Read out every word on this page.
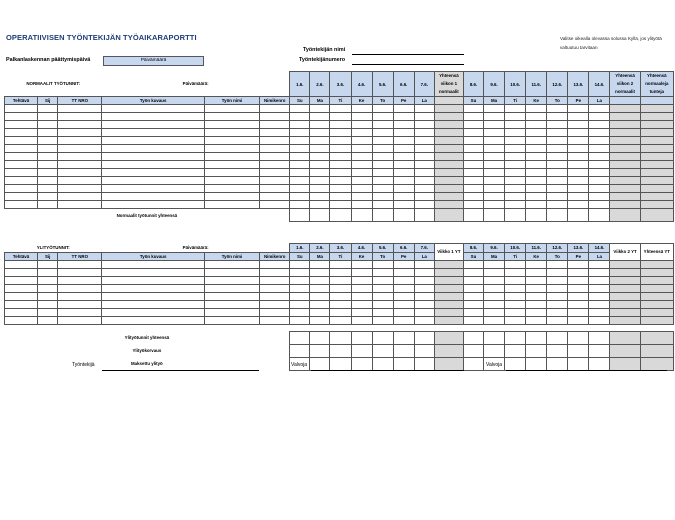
OPERATIIVISEN TYÖNTEKIJÄN TYÖAIKARAPORTTI	Valitse oikealla olevassa solussa Kyllä, jos ylityötä valtuutuu tarvitaan
Työntekijän nimi
Työntekijänumero
Palkanlaskennan päättymispäivä	Päivämäärä
NORMAALIT TYÖTUNNIT:			Päivämäärä:			1.6.	2.6.	3.6.	4.6.	5.6.	6.6.	7.6.	Yhteensä viikon 1 normaalit	8.6.	9.6.	10.6.	11.6.	12.6.	13.6.	14.6.	Yhteensä viikon 2 normaalit	Yhteensä normaaleja tunteja
Tehtävä	Sij	TT NRO	Työn kuvaus	Työn nimi	Nimikenro	Su	Ma	Ti	Ke	To	Pe	La		Su	Ma	Ti	Ke	To	Pe	La		

Normaalit työtunnit yhteensä																						
YLITYÖTUNNIT:			Päivämäärä:			1.6.	2.6.	3.6.	4.6.	5.6.	6.6.	7.6.	Viikko 1 YT	8.6.	9.6.	10.6.	11.6.	12.6.	13.6.	14.6.	Viikko 2 YT	Yhteensä YT
Tehtävä	Sij	TT NRO	Työn kuvaus	Työn nimi	Nimikenro	Su	Ma	Ti	Ke	To	Pe	La		Su	Ma	Ti	Ke	To	Pe	La		

Ylityötunnit yhteensä																						
Ylityökorvaus																						
Maksettu ylityö																						
Työntekijä	Valvoja	Valvoja
